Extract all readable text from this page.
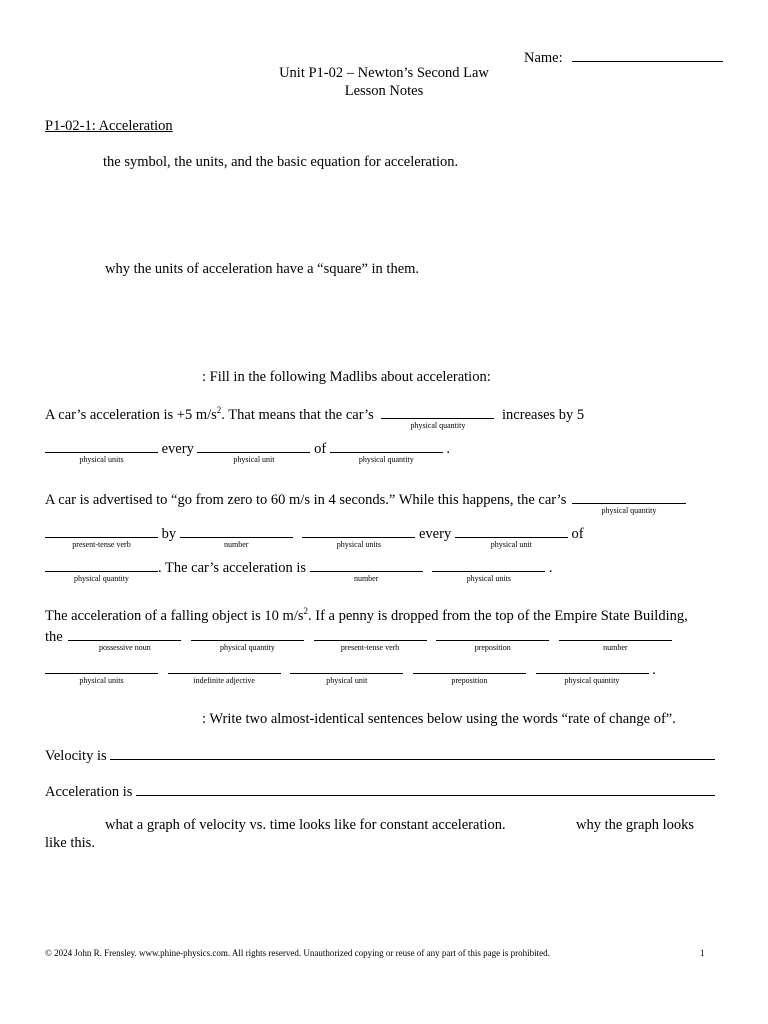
Name:
Unit P1-02 – Newton’s Second Law
Lesson Notes
P1-02-1: Acceleration
the symbol, the units, and the basic equation for acceleration.
why the units of acceleration have a “square” in them.
: Fill in the following Madlibs about acceleration:
A car’s acceleration is +5 $m/s^2$. That means that the car’s
physical quantity
increases by 5
physical units
every
physical unit
of
physical quantity
.
A car is advertised to “go from zero to 60 m/s in 4 seconds.” While this happens, the car’s
physical quantity
present-tense verb
by
number
	physical units
every
physical unit
of
physical quantity
. The car’s acceleration is
number
	physical units
.
The acceleration of a falling object is 10 $m/s^2$. If a penny is dropped from the top of the Empire State Building,
the
possessive noun
	physical quantity
	present-tense verb
	preposition
	number
physical units
	indefinite adjective
	physical unit
	preposition
	physical quantity
.
: Write two almost-identical sentences below using the words “rate of change of”.
Velocity is
Acceleration is
what a graph of velocity vs. time looks like for constant acceleration.	why the graph looks
like this.
© 2024 John R. Frensley. www.phine-physics.com. All rights reserved. Unauthorized copying or reuse of any part of this page is prohibited.	1
